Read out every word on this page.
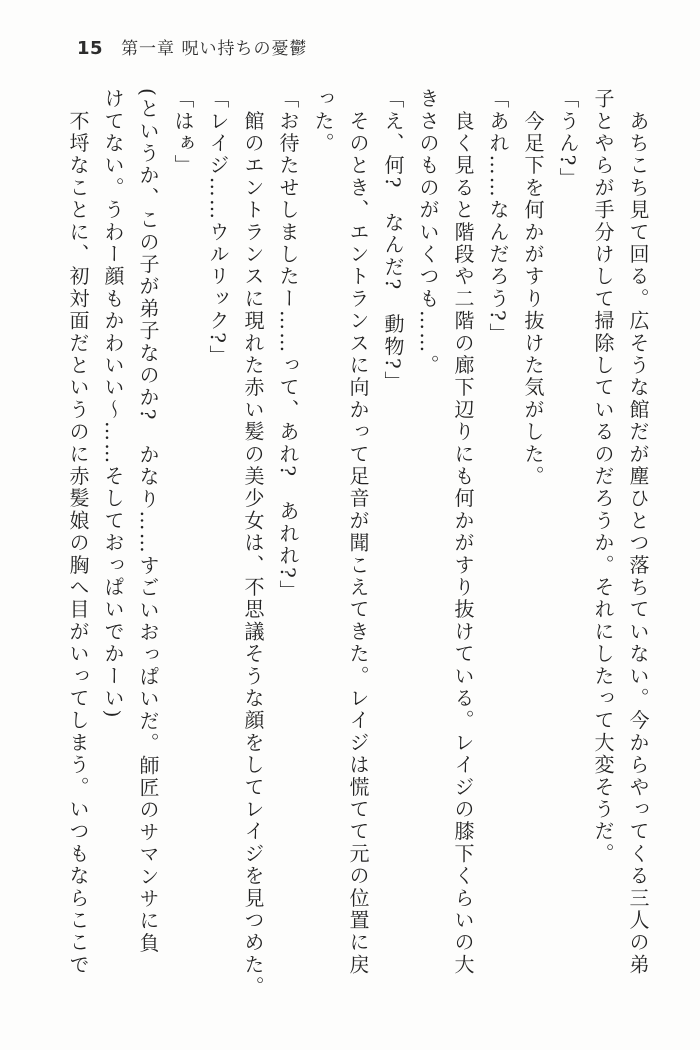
15 第一章 呪い持ちの憂鬱

　あちこち見て回る。広そうな館だが塵ひとつ落ちていない。今からやってくる三人の弟

子とやらが手分けして掃除しているのだろうか。それにしたって大変そうだ。

「うん?」

　今足下を何かがすり抜けた気がした。

「あれ……なんだろう?」

　良く見ると階段や二階の廊下辺りにも何かがすり抜けている。レイジの膝下くらいの大

きさのものがいくつも……。

「え、何?　なんだ?　動物?」

　そのとき、エントランスに向かって足音が聞こえてきた。レイジは慌てて元の位置に戻

った。

「お待たせしましたー……って、あれ?　あれれ?」

　館のエントランスに現れた赤い髪の美少女は、不思議そうな顔をしてレイジを見つめた。

「レイジ……ウルリック?」

「はぁ」

(というか、この子が弟子なのか?　かなり……すごいおっぱいだ。師匠のサマンサに負

けてない。うわー顔もかわいい〜……そしておっぱいでかーい)

　不埒なことに、初対面だというのに赤髪娘の胸へ目がいってしまう。いつもならここで
